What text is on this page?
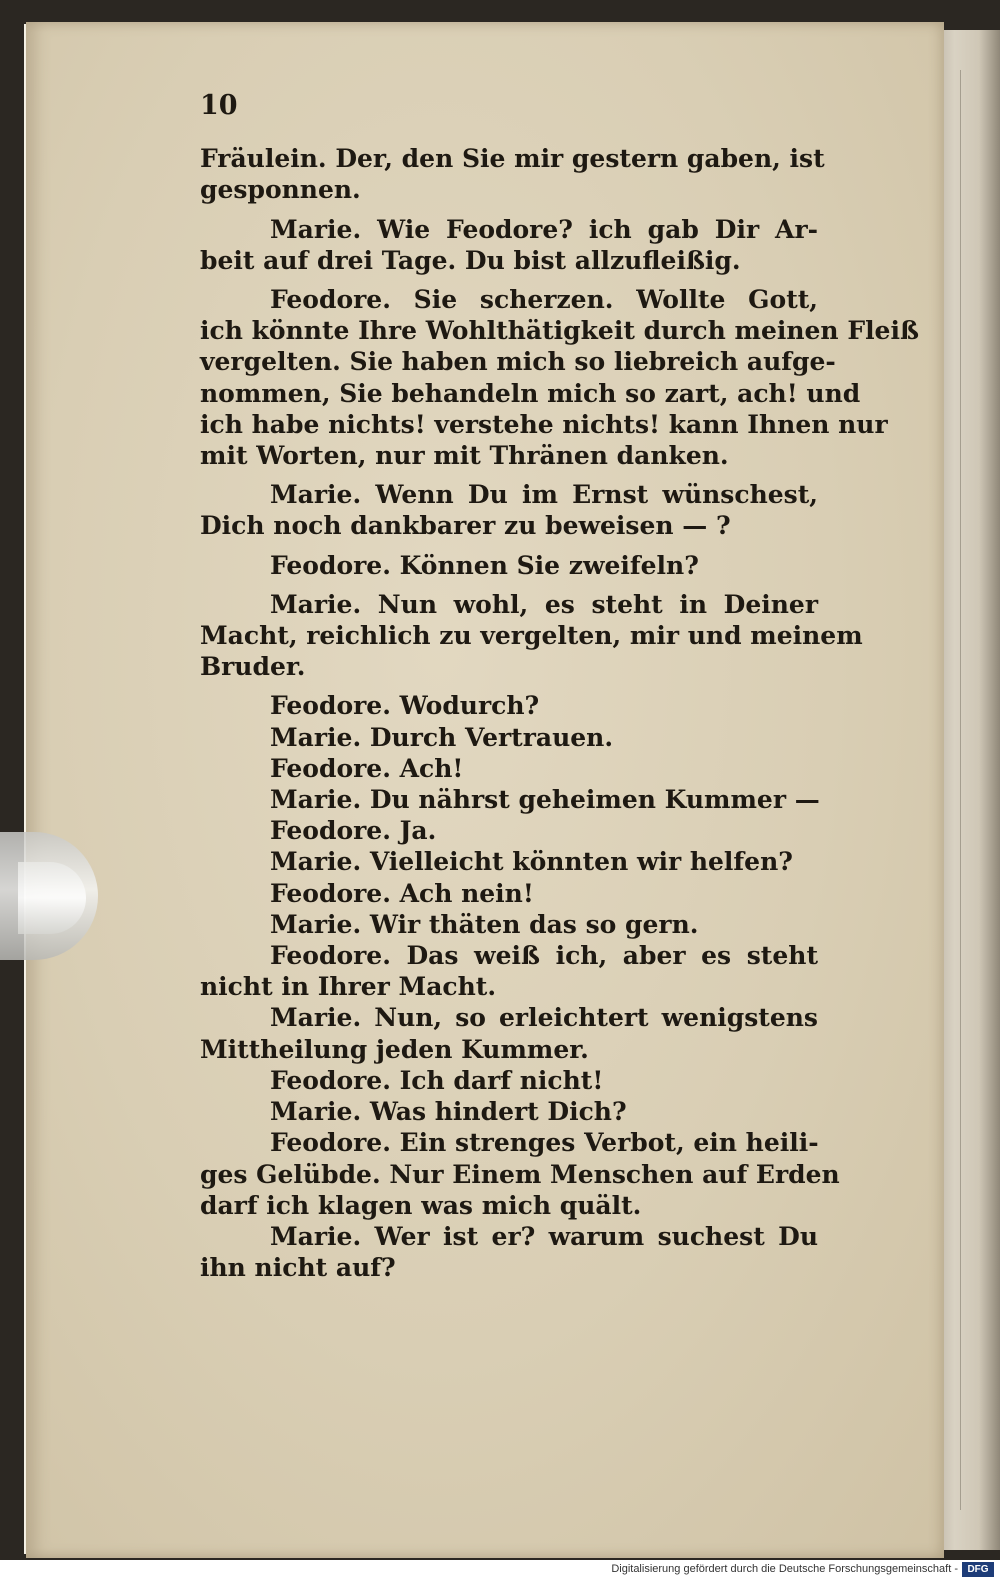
10
Fräulein. Der, den Sie mir gestern gaben, ist
gesponnen.
Marie. Wie Feodore? ich gab Dir Ar-
beit auf drei Tage. Du bist allzufleißig.
Feodore. Sie scherzen. Wollte Gott,
ich könnte Ihre Wohlthätigkeit durch meinen Fleiß
vergelten. Sie haben mich so liebreich aufge-
nommen, Sie behandeln mich so zart, ach! und
ich habe nichts! verstehe nichts! kann Ihnen nur
mit Worten, nur mit Thränen danken.
Marie. Wenn Du im Ernst wünschest,
Dich noch dankbarer zu beweisen — ?
Feodore. Können Sie zweifeln?
Marie. Nun wohl, es steht in Deiner
Macht, reichlich zu vergelten, mir und meinem
Bruder.
Feodore. Wodurch?
Marie. Durch Vertrauen.
Feodore. Ach!
Marie. Du nährst geheimen Kummer —
Feodore. Ja.
Marie. Vielleicht könnten wir helfen?
Feodore. Ach nein!
Marie. Wir thäten das so gern.
Feodore. Das weiß ich, aber es steht
nicht in Ihrer Macht.
Marie. Nun, so erleichtert wenigstens
Mittheilung jeden Kummer.
Feodore. Ich darf nicht!
Marie. Was hindert Dich?
Feodore. Ein strenges Verbot, ein heili-
ges Gelübde. Nur Einem Menschen auf Erden
darf ich klagen was mich quält.
Marie. Wer ist er? warum suchest Du
ihn nicht auf?
Digitalisierung gefördert durch die Deutsche Forschungsgemeinschaft - DFG
